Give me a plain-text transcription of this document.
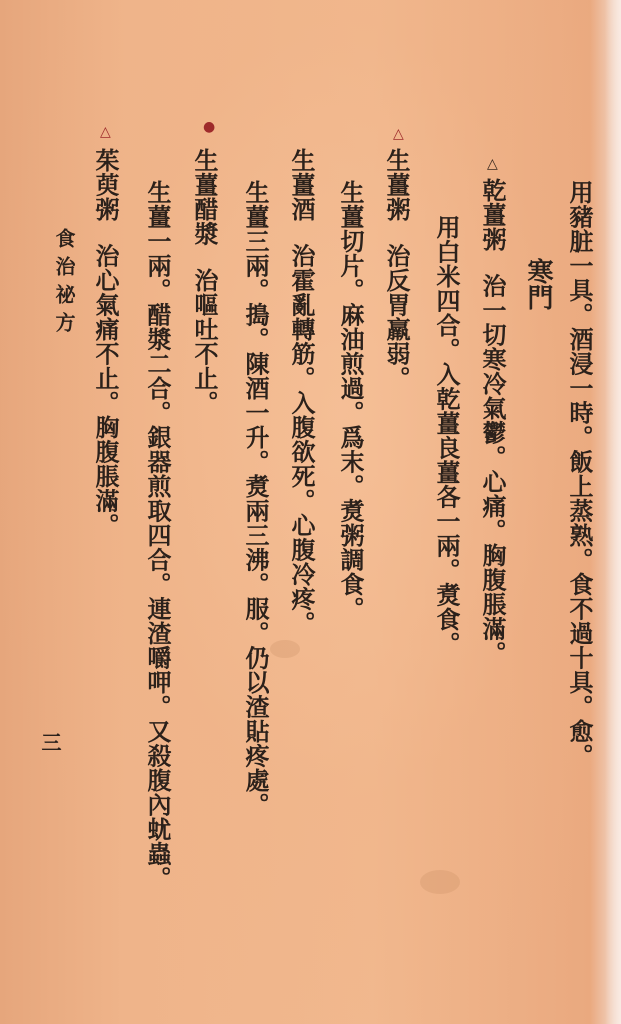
用豬脏一具。酒浸一時。飯上蒸熟。食不過十具。愈。
寒門
△
乾薑粥治一切寒冷氣鬱。心痛。胸腹脹滿。
用白米四合。入乾薑良薑各一兩。煑食。
△
生薑粥治反胃羸弱。
生薑切片。麻油煎過。爲末。煑粥調食。
生薑酒治霍亂轉筋。入腹欲死。心腹冷疼。
生薑三兩。搗。陳酒一升。煑兩三沸。服。仍以渣貼疼處。
●
生薑醋漿治嘔吐不止。
生薑一兩。醋漿二合。銀器煎取四合。連渣嚼呷。又殺腹內蚘蟲。
△
茱萸粥治心氣痛不止。胸腹脹滿。
食治祕方
三
